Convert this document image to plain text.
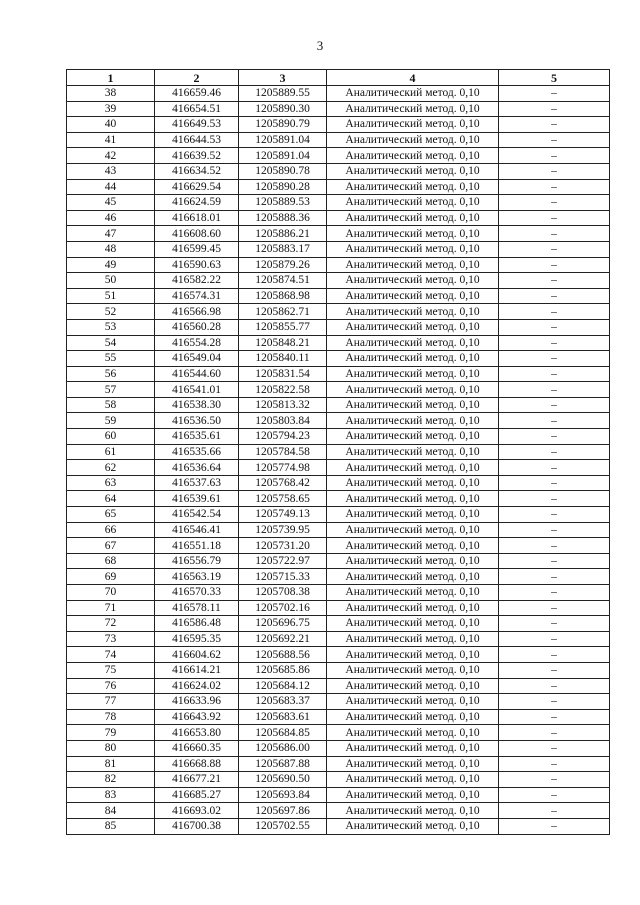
3
1	2	3	4	5
38	416659.46	1205889.55	Аналитический метод. 0,10	–
39	416654.51	1205890.30	Аналитический метод. 0,10	–
40	416649.53	1205890.79	Аналитический метод. 0,10	–
41	416644.53	1205891.04	Аналитический метод. 0,10	–
42	416639.52	1205891.04	Аналитический метод. 0,10	–
43	416634.52	1205890.78	Аналитический метод. 0,10	–
44	416629.54	1205890.28	Аналитический метод. 0,10	–
45	416624.59	1205889.53	Аналитический метод. 0,10	–
46	416618.01	1205888.36	Аналитический метод. 0,10	–
47	416608.60	1205886.21	Аналитический метод. 0,10	–
48	416599.45	1205883.17	Аналитический метод. 0,10	–
49	416590.63	1205879.26	Аналитический метод. 0,10	–
50	416582.22	1205874.51	Аналитический метод. 0,10	–
51	416574.31	1205868.98	Аналитический метод. 0,10	–
52	416566.98	1205862.71	Аналитический метод. 0,10	–
53	416560.28	1205855.77	Аналитический метод. 0,10	–
54	416554.28	1205848.21	Аналитический метод. 0,10	–
55	416549.04	1205840.11	Аналитический метод. 0,10	–
56	416544.60	1205831.54	Аналитический метод. 0,10	–
57	416541.01	1205822.58	Аналитический метод. 0,10	–
58	416538.30	1205813.32	Аналитический метод. 0,10	–
59	416536.50	1205803.84	Аналитический метод. 0,10	–
60	416535.61	1205794.23	Аналитический метод. 0,10	–
61	416535.66	1205784.58	Аналитический метод. 0,10	–
62	416536.64	1205774.98	Аналитический метод. 0,10	–
63	416537.63	1205768.42	Аналитический метод. 0,10	–
64	416539.61	1205758.65	Аналитический метод. 0,10	–
65	416542.54	1205749.13	Аналитический метод. 0,10	–
66	416546.41	1205739.95	Аналитический метод. 0,10	–
67	416551.18	1205731.20	Аналитический метод. 0,10	–
68	416556.79	1205722.97	Аналитический метод. 0,10	–
69	416563.19	1205715.33	Аналитический метод. 0,10	–
70	416570.33	1205708.38	Аналитический метод. 0,10	–
71	416578.11	1205702.16	Аналитический метод. 0,10	–
72	416586.48	1205696.75	Аналитический метод. 0,10	–
73	416595.35	1205692.21	Аналитический метод. 0,10	–
74	416604.62	1205688.56	Аналитический метод. 0,10	–
75	416614.21	1205685.86	Аналитический метод. 0,10	–
76	416624.02	1205684.12	Аналитический метод. 0,10	–
77	416633.96	1205683.37	Аналитический метод. 0,10	–
78	416643.92	1205683.61	Аналитический метод. 0,10	–
79	416653.80	1205684.85	Аналитический метод. 0,10	–
80	416660.35	1205686.00	Аналитический метод. 0,10	–
81	416668.88	1205687.88	Аналитический метод. 0,10	–
82	416677.21	1205690.50	Аналитический метод. 0,10	–
83	416685.27	1205693.84	Аналитический метод. 0,10	–
84	416693.02	1205697.86	Аналитический метод. 0,10	–
85	416700.38	1205702.55	Аналитический метод. 0,10	–
